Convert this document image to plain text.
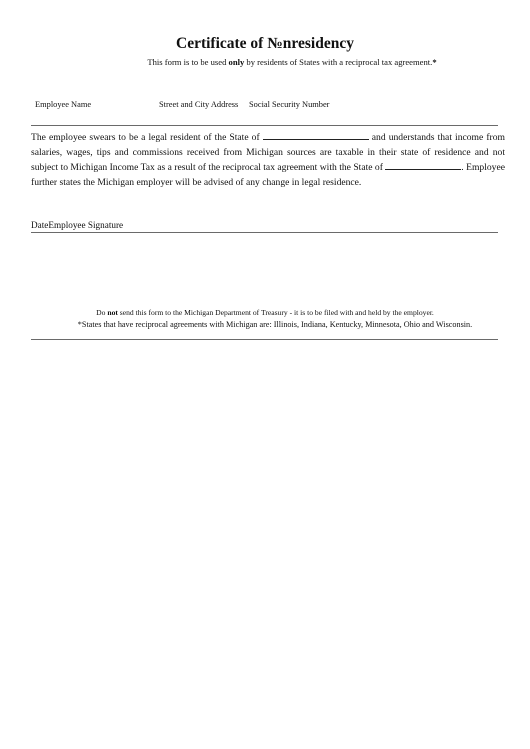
Certificate of №nresidency
This form is to be used only by residents of States with a reciprocal tax agreement.*
Employee Name	Street and City Address Social Security Number
The employee swears to be a legal resident of the State of	and understands that income from salaries, wages, tips and commissions received from Michigan sources are taxable in their state of residence and not subject to Michigan Income Tax as a result of the reciprocal tax agreement with the State of	. Employee further states the Michigan employer will be advised of any change in legal residence.
DateEmployee Signature
Do not send this form to the Michigan Department of Treasury - it is to be filed with and held by the employer.
*States that have reciprocal agreements with Michigan are: Illinois, Indiana, Kentucky, Minnesota, Ohio and Wisconsin.
